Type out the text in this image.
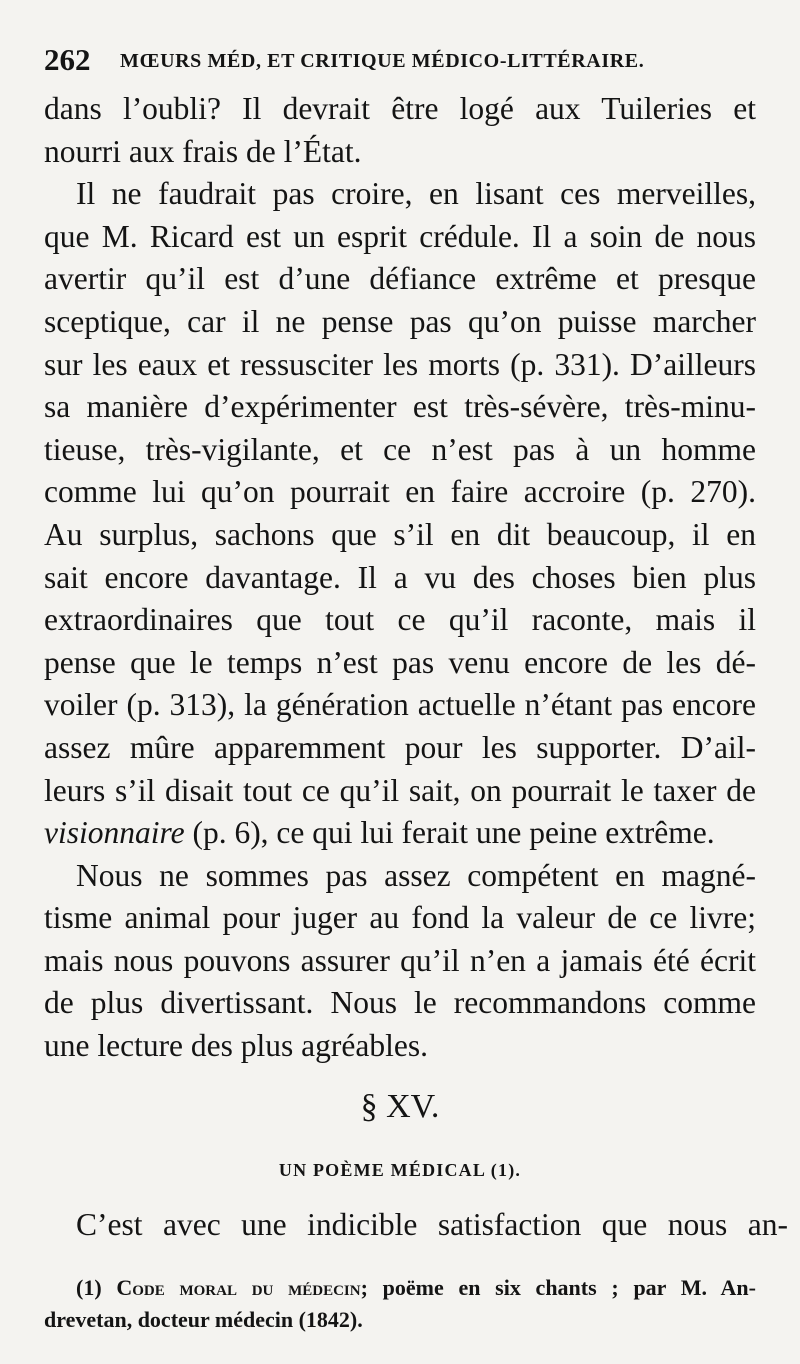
262 MŒURS MÉD, ET CRITIQUE MÉDICO-LITTÉRAIRE.
dans l’oubli? Il devrait être logé aux Tuileries et
nourri aux frais de l’État.
Il ne faudrait pas croire, en lisant ces merveilles,
que M. Ricard est un esprit crédule. Il a soin de nous
avertir qu’il est d’une défiance extrême et presque
sceptique, car il ne pense pas qu’on puisse marcher
sur les eaux et ressusciter les morts (p. 331). D’ailleurs
sa manière d’expérimenter est très-sévère, très-minu-
tieuse, très-vigilante, et ce n’est pas à un homme
comme lui qu’on pourrait en faire accroire (p. 270).
Au surplus, sachons que s’il en dit beaucoup, il en
sait encore davantage. Il a vu des choses bien plus
extraordinaires que tout ce qu’il raconte, mais il
pense que le temps n’est pas venu encore de les dé-
voiler (p. 313), la génération actuelle n’étant pas encore
assez mûre apparemment pour les supporter. D’ail-
leurs s’il disait tout ce qu’il sait, on pourrait le taxer de
visionnaire (p. 6), ce qui lui ferait une peine extrême.
Nous ne sommes pas assez compétent en magné-
tisme animal pour juger au fond la valeur de ce livre;
mais nous pouvons assurer qu’il n’en a jamais été écrit
de plus divertissant. Nous le recommandons comme
une lecture des plus agréables.
§ XV.
UN POÈME MÉDICAL (1).
C’est avec une indicible satisfaction que nous an-
(1) Code moral du médecin; poëme en six chants ; par M. An-
drevetan, docteur médecin (1842).
